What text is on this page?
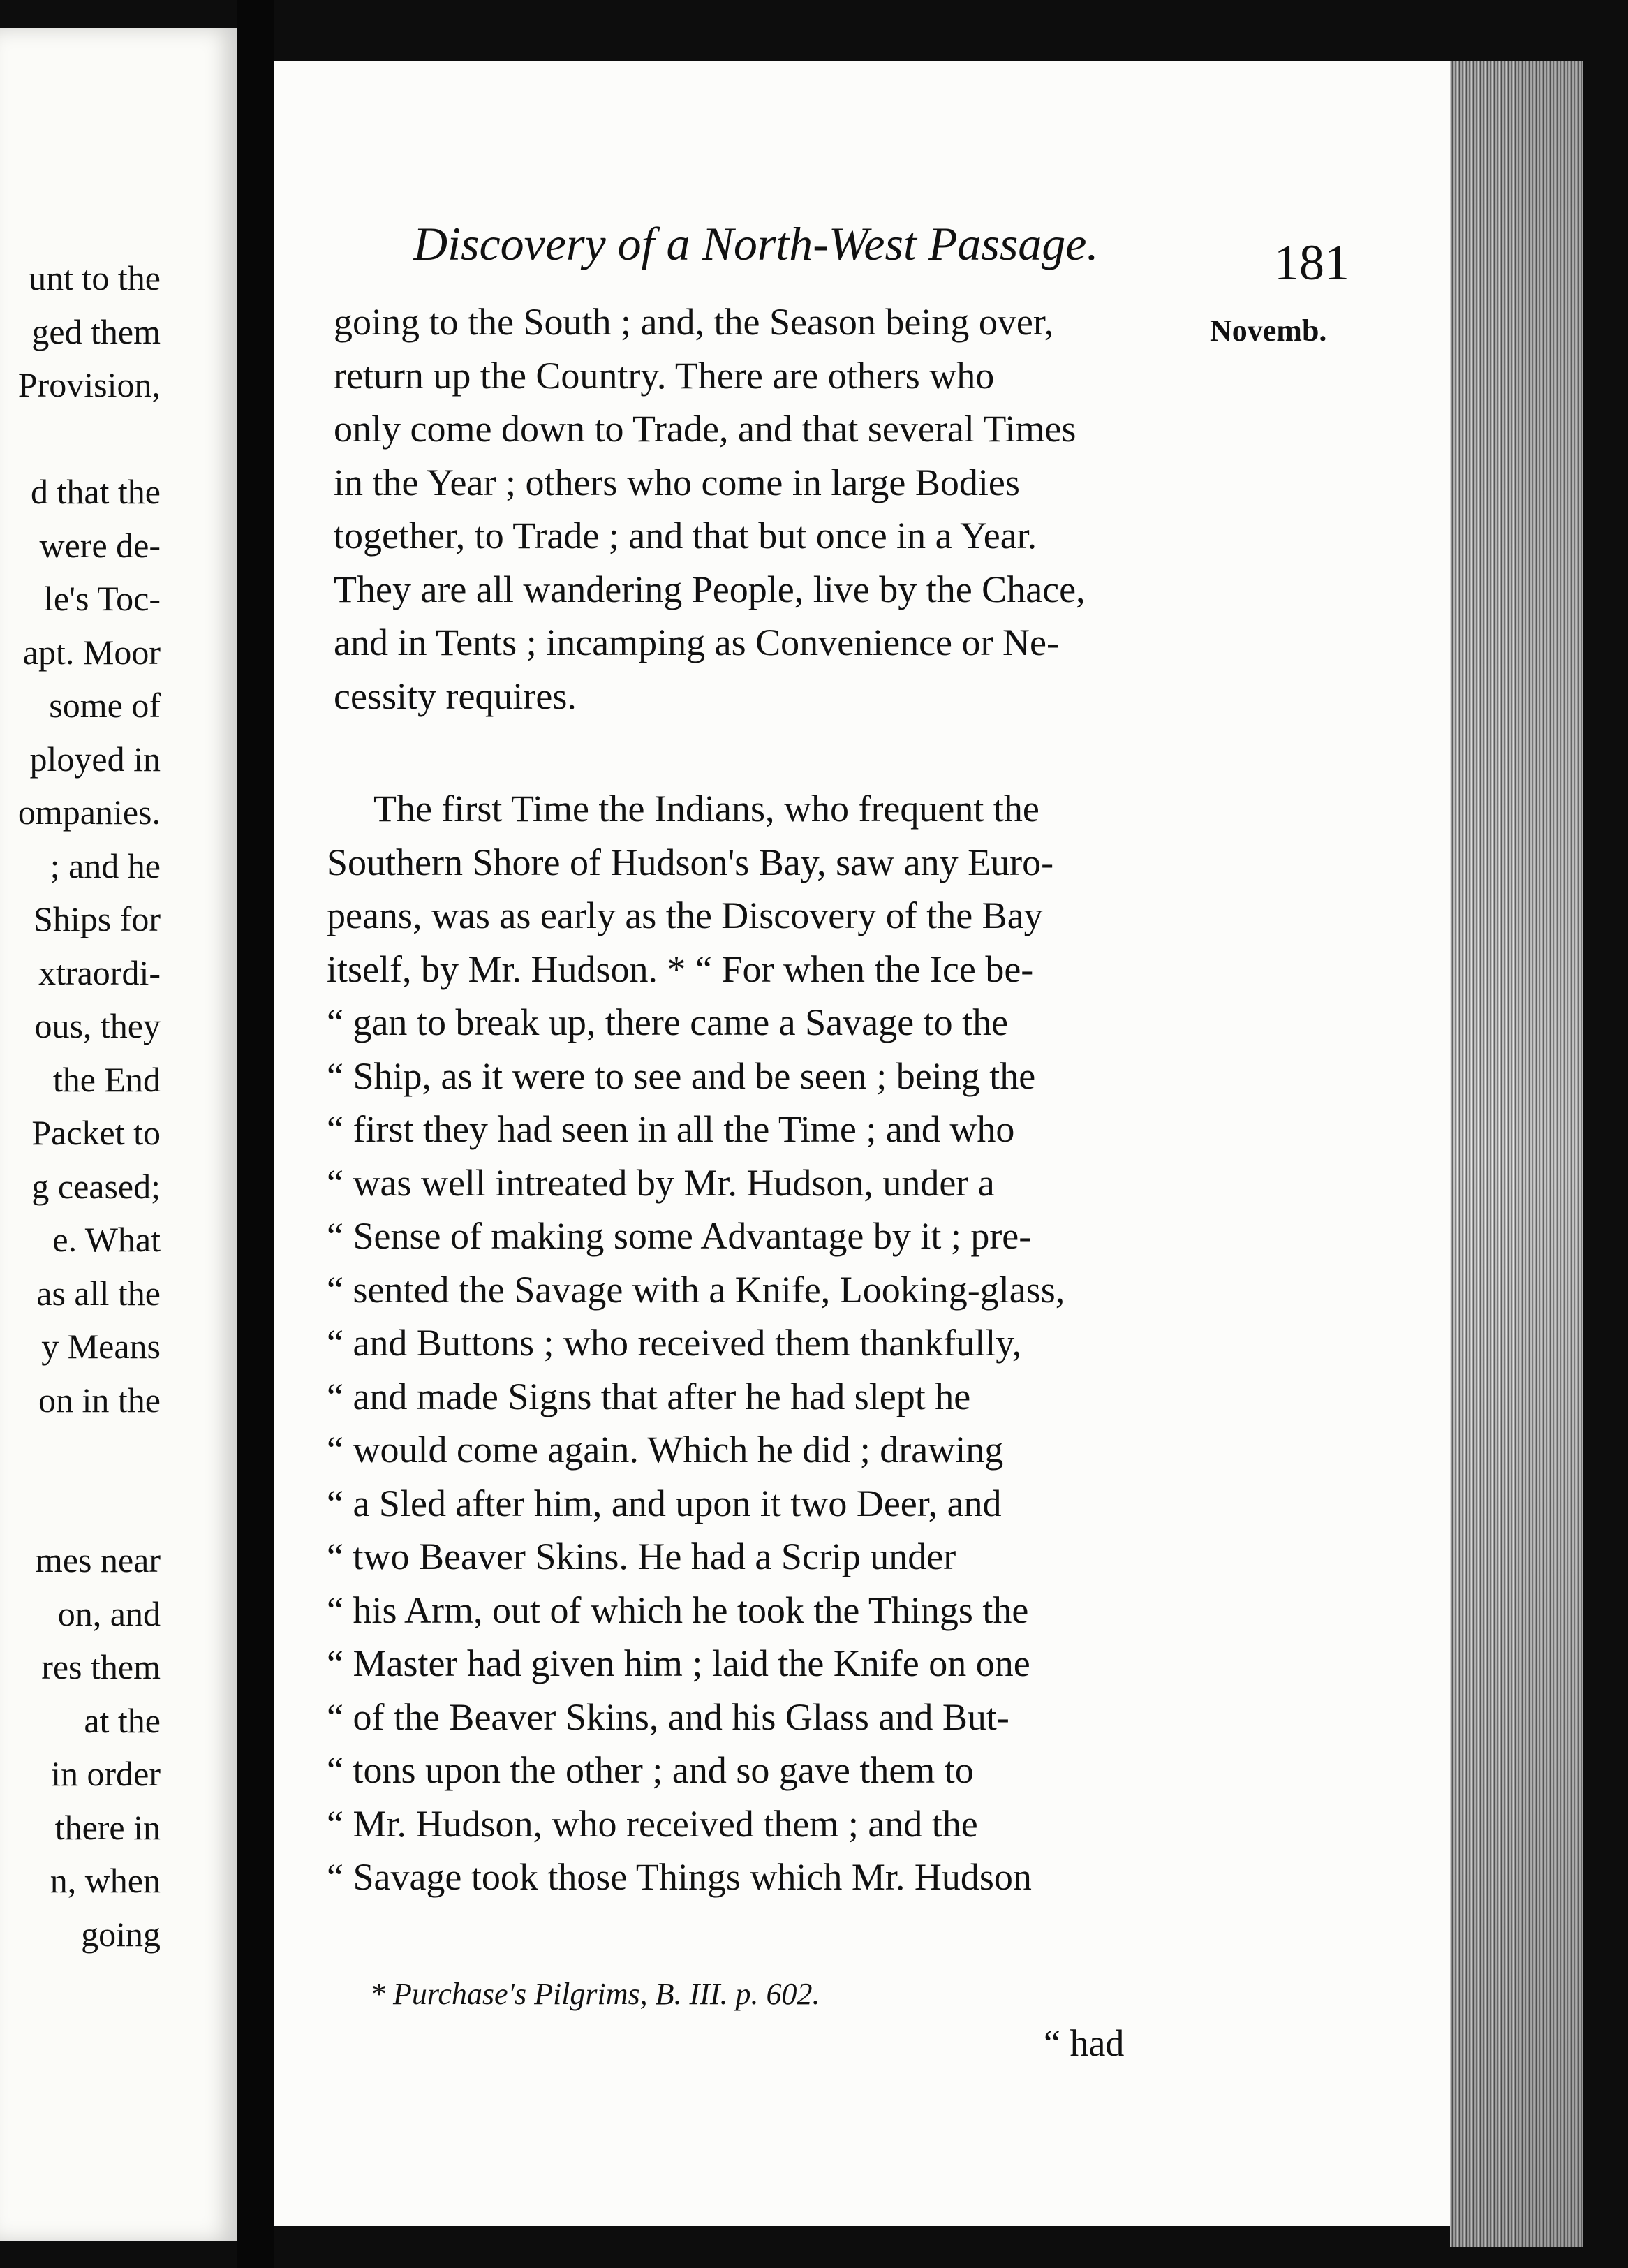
unt to the
ged them
Provision,
d that the
were de-
le's Toc-
apt. Moor
some of
ployed in
ompanies.
; and he
Ships for
xtraordi-
ous, they
the End
Packet to
g ceased;
e. What
as all the
y Means
on in the
mes near
on, and
res them
at the
in order
there in
n, when
going
Discovery of a North-West Passage.	181
Novemb.
going to the South ; and, the Season being over,
return up the Country. There are others who
only come down to Trade, and that several Times
in the Year ; others who come in large Bodies
together, to Trade ; and that but once in a Year.
They are all wandering People, live by the Chace,
and in Tents ; incamping as Convenience or Ne-
cessity requires.
The first Time the Indians, who frequent the
Southern Shore of Hudson's Bay, saw any Euro-
peans, was as early as the Discovery of the Bay
itself, by Mr. Hudson. * “ For when the Ice be-
“ gan to break up, there came a Savage to the
“ Ship, as it were to see and be seen ; being the
“ first they had seen in all the Time ; and who
“ was well intreated by Mr. Hudson, under a
“ Sense of making some Advantage by it ; pre-
“ sented the Savage with a Knife, Looking-glass,
“ and Buttons ; who received them thankfully,
“ and made Signs that after he had slept he
“ would come again. Which he did ; drawing
“ a Sled after him, and upon it two Deer, and
“ two Beaver Skins. He had a Scrip under
“ his Arm, out of which he took the Things the
“ Master had given him ; laid the Knife on one
“ of the Beaver Skins, and his Glass and But-
“ tons upon the other ; and so gave them to
“ Mr. Hudson, who received them ; and the
“ Savage took those Things which Mr. Hudson
* Purchase's Pilgrims, B. III. p. 602.
“ had
